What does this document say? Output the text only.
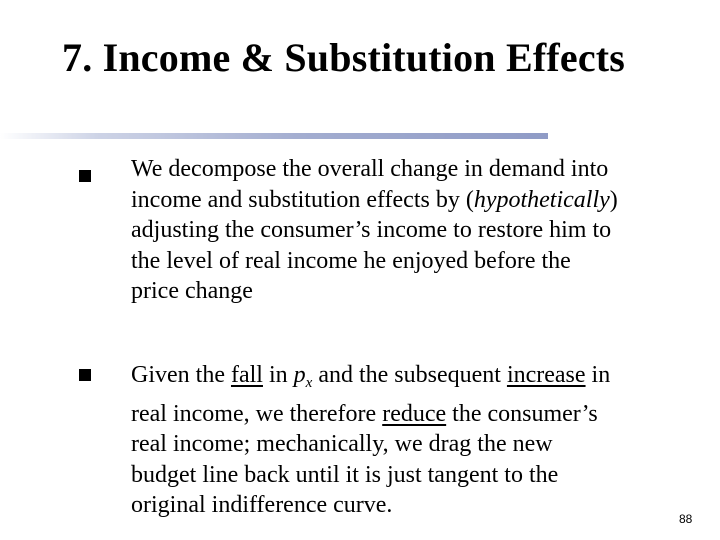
7. Income & Substitution Effects
We decompose the overall change in demand into
income and substitution effects by (hypothetically)
adjusting the consumer’s income to restore him to
the level of real income he enjoyed before the
price change
Given the fall in $p_x$ and the subsequent increase in
real income, we therefore reduce the consumer’s
real income; mechanically, we drag the new
budget line back until it is just tangent to the
original indifference curve.
88
